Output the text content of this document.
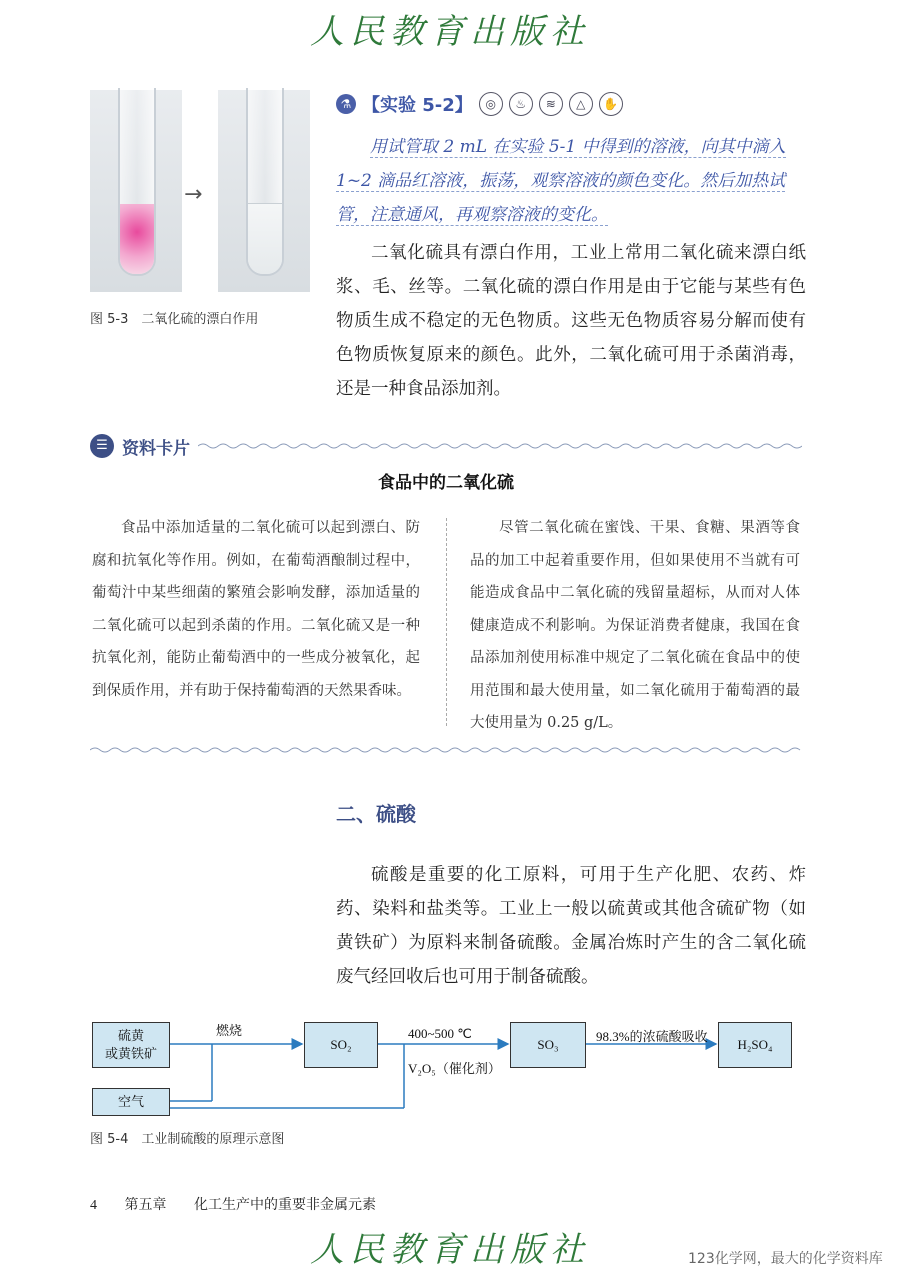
人民教育出版社
→
图 5-3　二氧化硫的漂白作用
⚗ 【实验 5-2】	◎	♨	≋	△	✋
用试管取 2 mL 在实验 5-1 中得到的溶液，向其中滴入 1~2 滴品红溶液，振荡，观察溶液的颜色变化。然后加热试管，注意通风，再观察溶液的变化。
二氧化硫具有漂白作用，工业上常用二氧化硫来漂白纸浆、毛、丝等。二氧化硫的漂白作用是由于它能与某些有色物质生成不稳定的无色物质。这些无色物质容易分解而使有色物质恢复原来的颜色。此外，二氧化硫可用于杀菌消毒，还是一种食品添加剂。
☰ 资料卡片
食品中的二氧化硫
食品中添加适量的二氧化硫可以起到漂白、防腐和抗氧化等作用。例如，在葡萄酒酿制过程中，葡萄汁中某些细菌的繁殖会影响发酵，添加适量的二氧化硫可以起到杀菌的作用。二氧化硫又是一种抗氧化剂，能防止葡萄酒中的一些成分被氧化，起到保质作用，并有助于保持葡萄酒的天然果香味。
尽管二氧化硫在蜜饯、干果、食糖、果酒等食品的加工中起着重要作用，但如果使用不当就有可能造成食品中二氧化硫的残留量超标，从而对人体健康造成不利影响。为保证消费者健康，我国在食品添加剂使用标准中规定了二氧化硫在食品中的使用范围和最大使用量，如二氧化硫用于葡萄酒的最大使用量为 0.25 g/L。
二、硫酸
硫酸是重要的化工原料，可用于生产化肥、农药、炸药、染料和盐类等。工业上一般以硫黄或其他含硫矿物（如黄铁矿）为原料来制备硫酸。金属冶炼时产生的含二氧化硫废气经回收后也可用于制备硫酸。
硫黄
或黄铁矿
空气
SO₂	SO₃	H₂SO₄
燃烧	400~500 ℃
V₂O₅（催化剂）
98.3%的浓硫酸吸收
图 5-4　工业制硫酸的原理示意图
4 第五章 化工生产中的重要非金属元素
人民教育出版社	123化学网，最大的化学资料库
